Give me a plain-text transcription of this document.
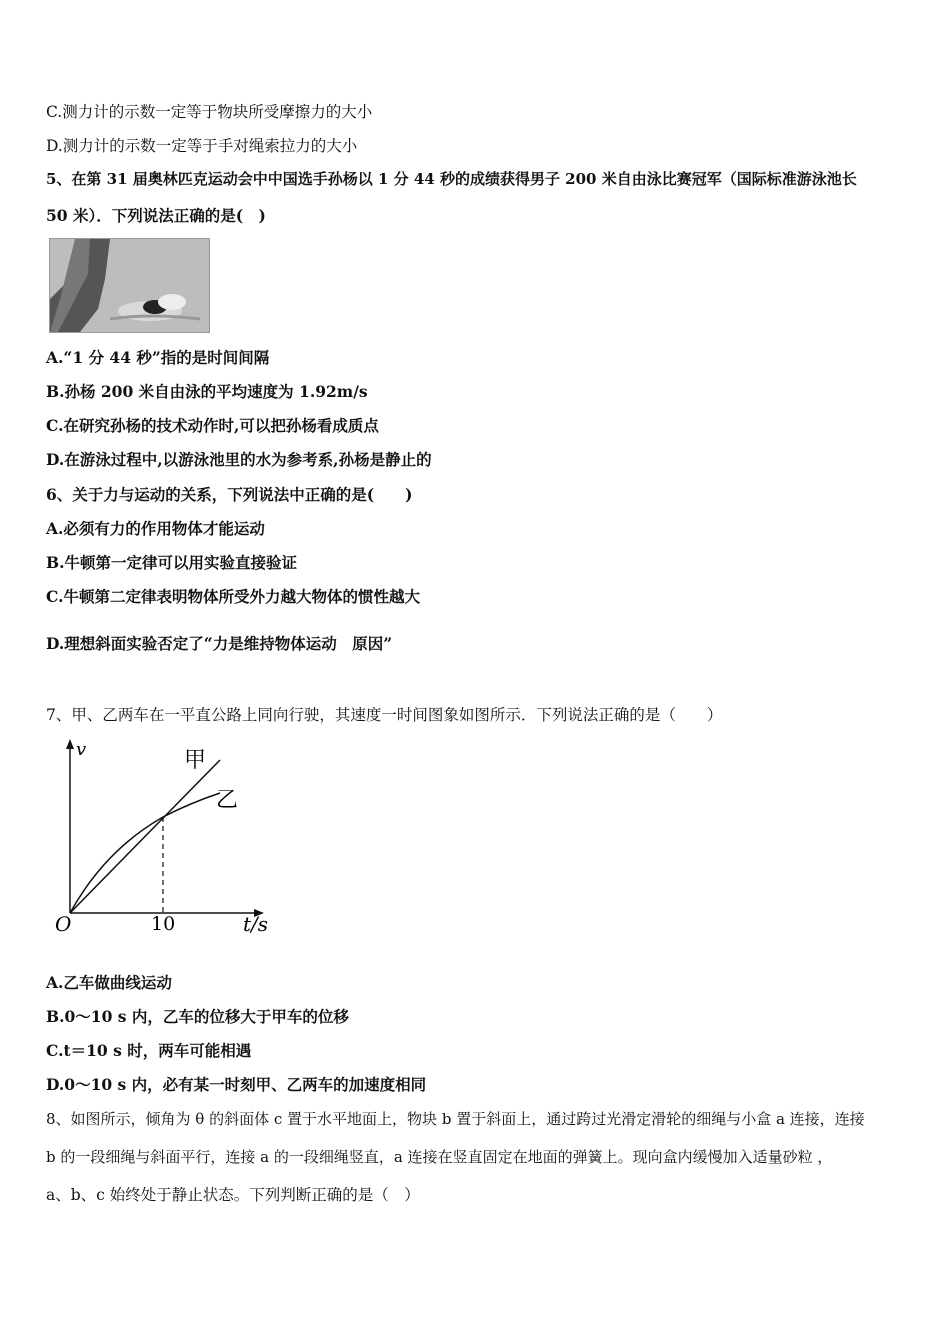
C.测力计的示数一定等于物块所受摩擦力的大小
D.测力计的示数一定等于手对绳索拉力的大小
5、在第 31 届奥林匹克运动会中中国选手孙杨以 1 分 44 秒的成绩获得男子 200 米自由泳比赛冠军（国际标准游泳池长
50 米）．下列说法正确的是(　)
A.“1 分 44 秒”指的是时间间隔
B.孙杨 200 米自由泳的平均速度为 1.92m/s
C.在研究孙杨的技术动作时,可以把孙杨看成质点
D.在游泳过程中,以游泳池里的水为参考系,孙杨是静止的
6、关于力与运动的关系，下列说法中正确的是(　　)
A.必须有力的作用物体才能运动
B.牛顿第一定律可以用实验直接验证
C.牛顿第二定律表明物体所受外力越大物体的惯性越大
D.理想斜面实验否定了“力是维持物体运动　原因”
7、甲、乙两车在一平直公路上同向行驶，其速度一时间图象如图所示．下列说法正确的是（　　）
v	甲
乙
O	10	t/s
A.乙车做曲线运动
B.0～10 s 内，乙车的位移大于甲车的位移
C.t＝10 s 时，两车可能相遇
D.0～10 s 内，必有某一时刻甲、乙两车的加速度相同
8、如图所示，倾角为 θ 的斜面体 c 置于水平地面上，物块 b 置于斜面上，通过跨过光滑定滑轮的细绳与小盒 a 连接，连接
b 的一段细绳与斜面平行，连接 a 的一段细绳竖直，a 连接在竖直固定在地面的弹簧上。现向盒内缓慢加入适量砂粒 ，
a、b、c 始终处于静止状态。下列判断正确的是（　）
